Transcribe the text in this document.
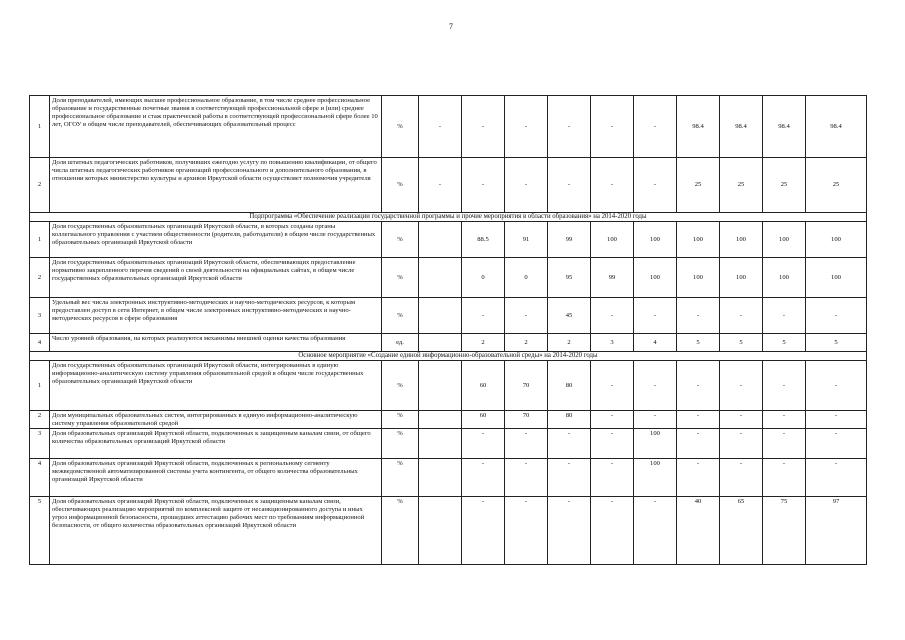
7
1	Доля преподавателей, имеющих высшее профессиональное образование, в том числе среднее профессиональное образование и государственные почетные звания в соответствующей профессиональной сфере и (или) среднее профессиональное образование и стаж практической работы в соответствующей профессиональной сфере более 10 лет, ОГОУ в общем числе преподавателей, обеспечивающих образовательный процесс	%	-	-	-	-	-	-	98.4	98.4	98.4	98.4
2	Доля штатных педагогических работников, получивших ежегодно услугу по повышению квалификации, от общего числа штатных педагогических работников организаций профессионального и дополнительного образования, в отношении которых министерство культуры и архивов Иркутской области осуществляет полномочия учредителя	%	-	-	-	-	-	-	25	25	25	25
Подпрограмма «Обеспечение реализации государственной программы и прочие мероприятия в области образования» на 2014-2020 годы												
1	Доля государственных образовательных организаций Иркутской области, в которых созданы органы коллегиального управления с участием общественности (родители, работодатели) в общем числе государственных образовательных организаций Иркутской области	%		88.5	91	99	100	100	100	100	100	100
2	Доля государственных образовательных организаций Иркутской области, обеспечивающих предоставление нормативно закрепленного перечня сведений о своей деятельности на официальных сайтах, в общем числе государственных образовательных организаций Иркутской области	%		0	0	95	99	100	100	100	100	100
3	Удельный вес числа электронных инструктивно-методических и научно-методических ресурсов, к которым предоставлен доступ в сети Интернет, в общем числе электронных инструктивно-методических и научно-методических ресурсов в сфере образования	%		-	-	45	-	-	-	-	-	-
4	Число уровней образования, на которых реализуются механизмы внешней оценки качества образования	ед.		2	2	2	3	4	5	5	5	5
Основное мероприятие «Создание единой информационно-образовательной среды» на 2014-2020 годы												
1	Доля государственных образовательных организаций Иркутской области, интегрированных в единую информационно-аналитическую систему управления образовательной средой в общем числе государственных образовательных организаций Иркутской области	%		60	70	80	-	-	-	-	-	-
2	Доля муниципальных образовательных систем, интегрированных в единую информационно-аналитическую систему управления образовательной средой	%		60	70	80	-	-	-	-	-	-
3	Доля образовательных организаций Иркутской области, подключенных к защищенным каналам связи, от общего количества образовательных организаций Иркутской области	%		-	-	-	-	100	-	-	-	-
4	Доля образовательных организаций Иркутской области, подключенных к региональному сегменту межведомственной автоматизированной системы учета контингента, от общего количества образовательных организаций Иркутской области	%		-	-	-	-	100	-	-	-	-
5	Доля образовательных организаций Иркутской области, подключенных к защищенным каналам связи, обеспечивающих реализацию мероприятий по комплексной защите от несанкционированного доступа и иных угроз информационной безопасности, прошедших аттестацию рабочих мест по требованиям информационной безопасности, от общего количества образовательных организаций Иркутской области	%		-	-	-	-	-	40	65	75	97
